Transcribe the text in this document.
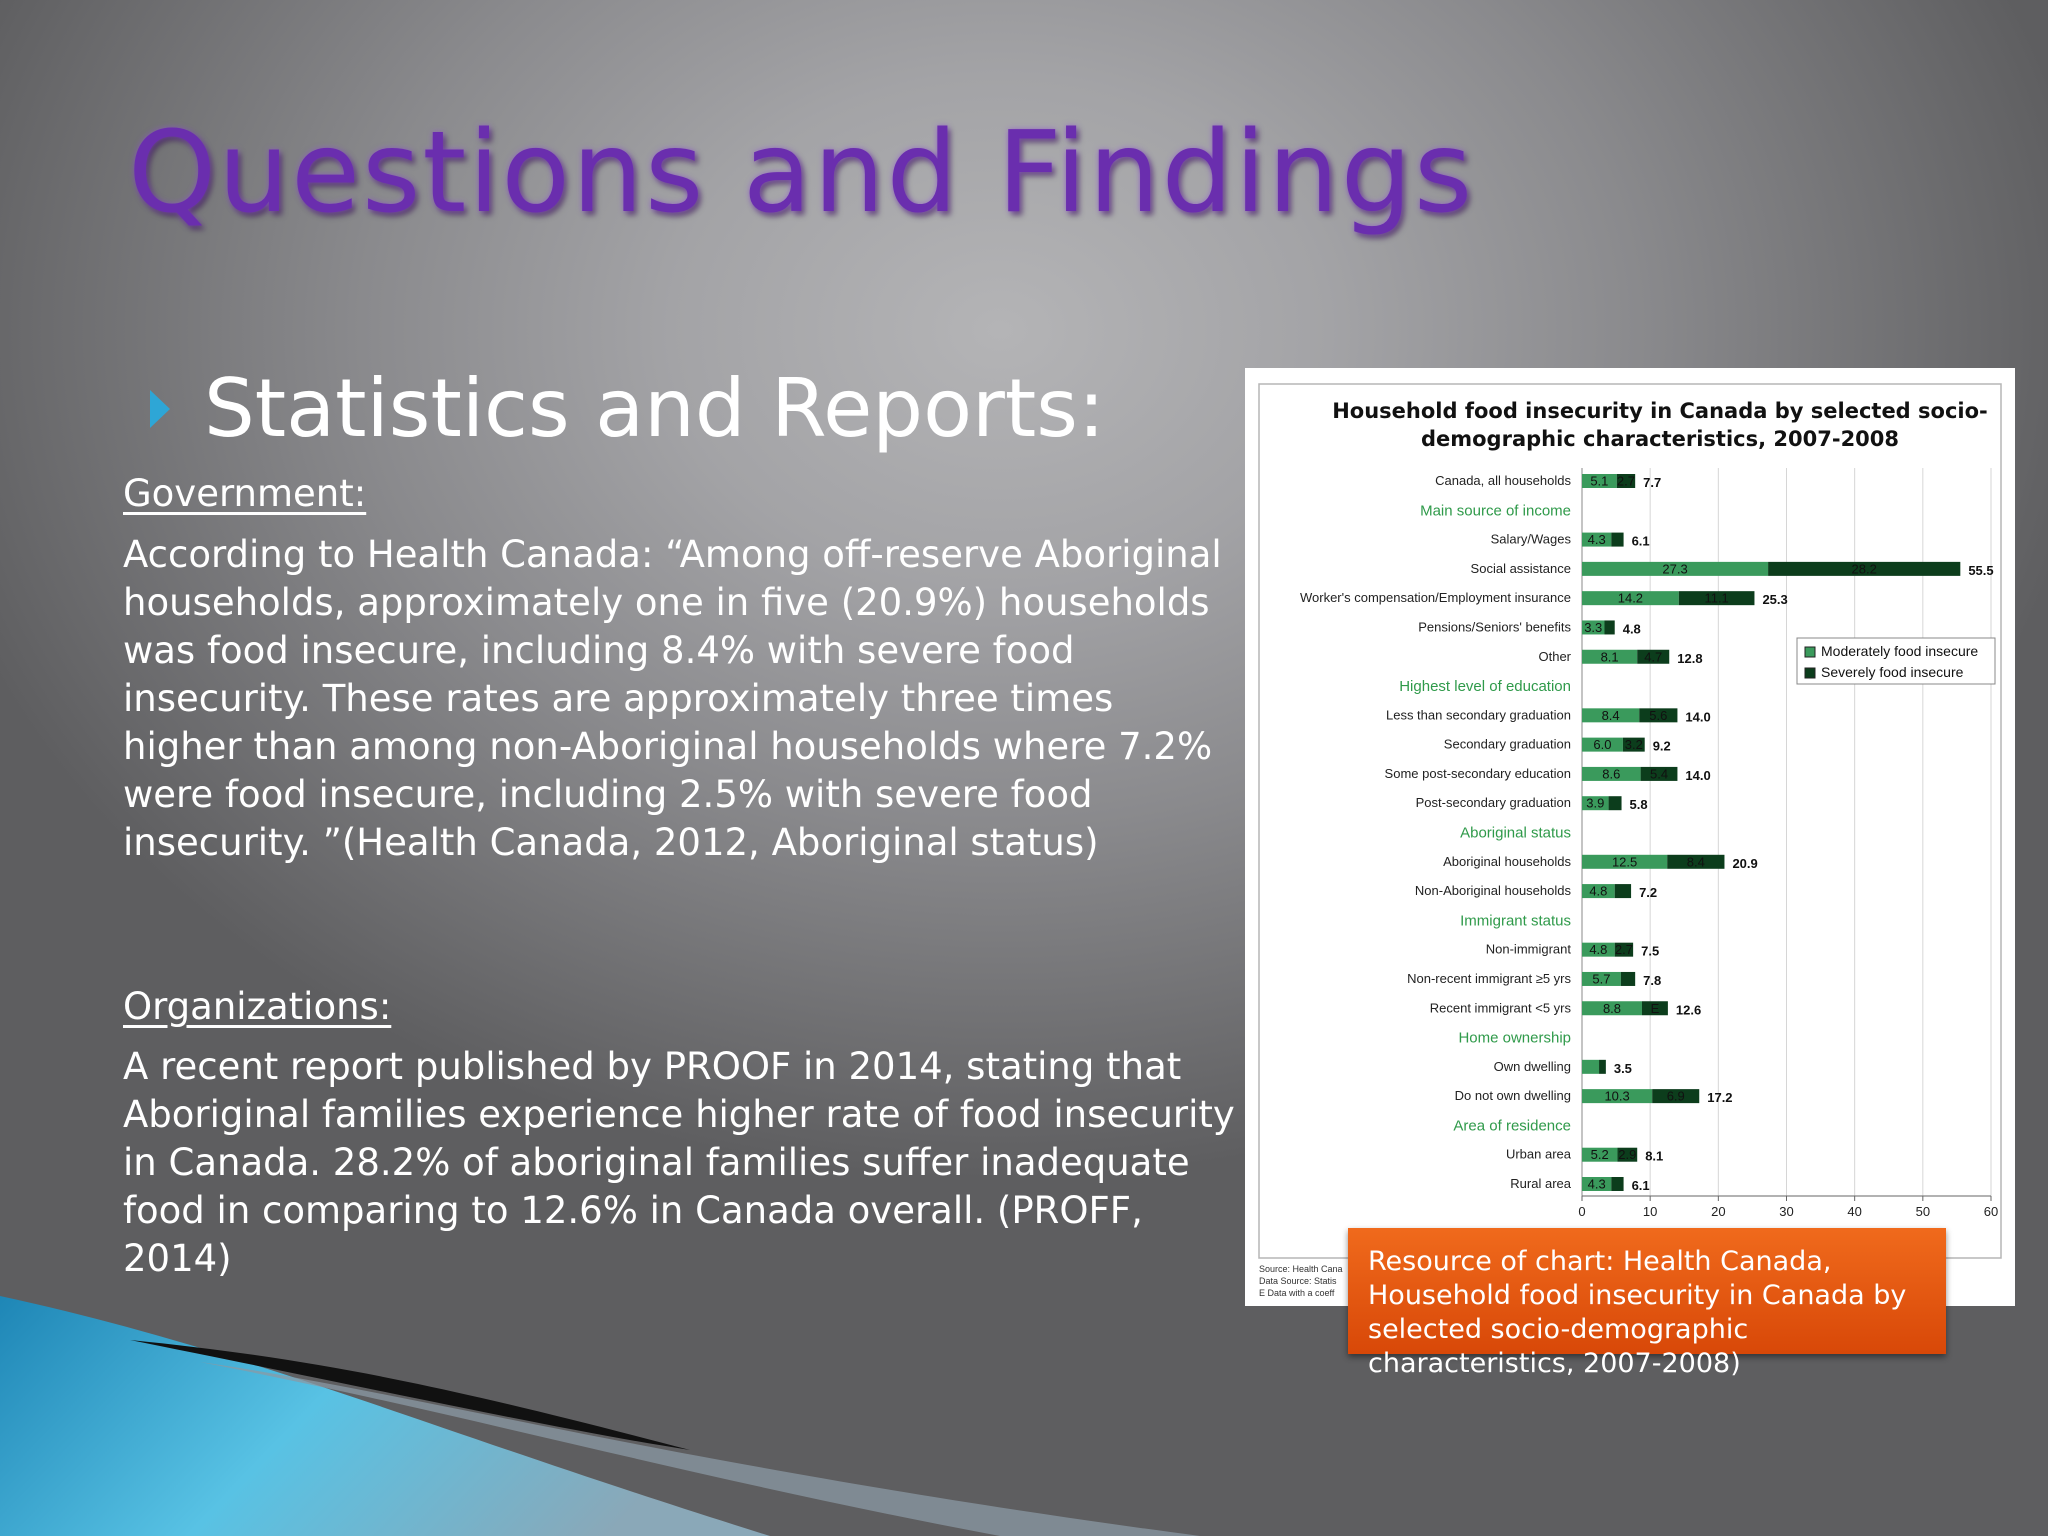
Questions and Findings
Statistics and Reports:
Government:
According to Health Canada: “Among off-reserve Aboriginal households, approximately one in five (20.9%) households was food insecure, including 8.4% with severe food insecurity. These rates are approximately three times higher than among non-Aboriginal households where 7.2% were food insecure, including 2.5% with severe food insecurity. ”(Health Canada, 2012, Aboriginal status)
Organizations:
A recent report published by PROOF in 2014, stating that Aboriginal families experience higher rate of food insecurity in Canada. 28.2% of aboriginal families suffer inadequate food in comparing to 12.6% in Canada overall. (PROFF, 2014)
Household food insecurity in Canada by selected socio-
demographic characteristics, 2007-2008
Canada, all households 5.1 2.7 7.7
Main source of income
Salary/Wages 4.3 6.1
Social assistance	27.3	28.2	55.5
Worker's compensation/Employment insurance	14.2	11.1	25.3
Pensions/Seniors' benefits 3.3 4.8
Other 8.1 4.7 12.8
Highest level of education
Less than secondary graduation 8.4 5.6 14.0
Secondary graduation 6.0 3.2 9.2
Some post-secondary education 8.6 5.4 14.0
Post-secondary graduation 3.9 5.8
Aboriginal status
Aboriginal households	12.5	8.4 20.9
Non-Aboriginal households 4.8 7.2
Immigrant status
Non-immigrant 4.8 2.7 7.5
Non-recent immigrant ≥5 yrs 5.7	7.8
Recent immigrant <5 yrs 8.8 E 12.6
Home ownership
Own dwelling	3.5
Do not own dwelling	10.3	6.9 17.2
Area of residence
Urban area 5.2 2.9 8.1
Rural area 4.3 6.1
0	10	20	30	40	50	60
Moderately food insecure
Severely food insecure
Source: Health Cana
Data Source: Statis
E Data with a coeff
Resource of chart: Health Canada, Household food insecurity in Canada by selected socio-demographic characteristics, 2007-2008)
